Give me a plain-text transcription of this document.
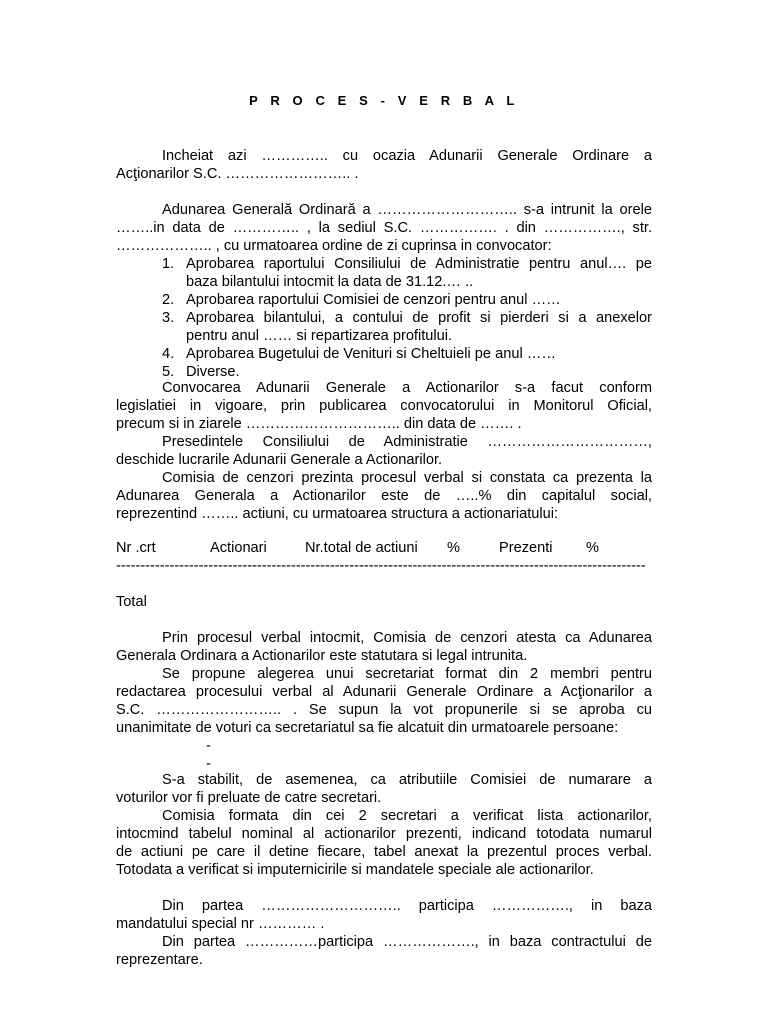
P R O C E S - V E R B A L
Incheiat azi ………….. cu ocazia Adunarii Generale Ordinare a
Acţionarilor S.C. …………………….. .
Adunarea Generală Ordinară a ……………………….. s-a intrunit la orele
……..in data de ………….. , la sediul S.C. ……………. . din ……………., str.
……………….. , cu urmatoarea ordine de zi cuprinsa in convocator:
1. Aprobarea raportului Consiliului de Administratie pentru anul…. pe
baza bilantului intocmit la data de 31.12.… ..
2. Aprobarea raportului Comisiei de cenzori pentru anul ……
3. Aprobarea bilantului, a contului de profit si pierderi si a anexelor
pentru anul …… si repartizarea profitului.
4. Aprobarea Bugetului de Venituri si Cheltuieli pe anul ……
5. Diverse.
Convocarea Adunarii Generale a Actionarilor s-a facut conform
legislatiei in vigoare, prin publicarea convocatorului in Monitorul Oficial,
precum si in ziarele ………………………….. din data de ……. .
Presedintele Consiliului de Administratie ……………………………,
deschide lucrarile Adunarii Generale a Actionarilor.
Comisia de cenzori prezinta procesul verbal si constata ca prezenta la
Adunarea Generala a Actionarilor este de …..% din capitalul social,
reprezentind …….. actiuni, cu urmatoarea structura a actionariatului:
Nr .crt	Actionari	Nr.total de actiuni %	Prezenti %
-------------------------------------------------------------------------------------------------------------
Total
Prin procesul verbal intocmit, Comisia de cenzori atesta ca Adunarea
Generala Ordinara a Actionarilor este statutara si legal intrunita.
Se propune alegerea unui secretariat format din 2 membri pentru
redactarea procesului verbal al Adunarii Generale Ordinare a Acţionarilor a
S.C. …………………….. . Se supun la vot propunerile si se aproba cu
unanimitate de voturi ca secretariatul sa fie alcatuit din urmatoarele persoane:
-
-
S-a stabilit, de asemenea, ca atributiile Comisiei de numarare a
voturilor vor fi preluate de catre secretari.
Comisia formata din cei 2 secretari a verificat lista actionarilor,
intocmind tabelul nominal al actionarilor prezenti, indicand totodata numarul
de actiuni pe care il detine fiecare, tabel anexat la prezentul proces verbal.
Totodata a verificat si imputernicirile si mandatele speciale ale actionarilor.
Din partea ……………………….. participa ……………., in baza
mandatului special nr ………… .
Din partea ……………participa ………………., in baza contractului de
reprezentare.
